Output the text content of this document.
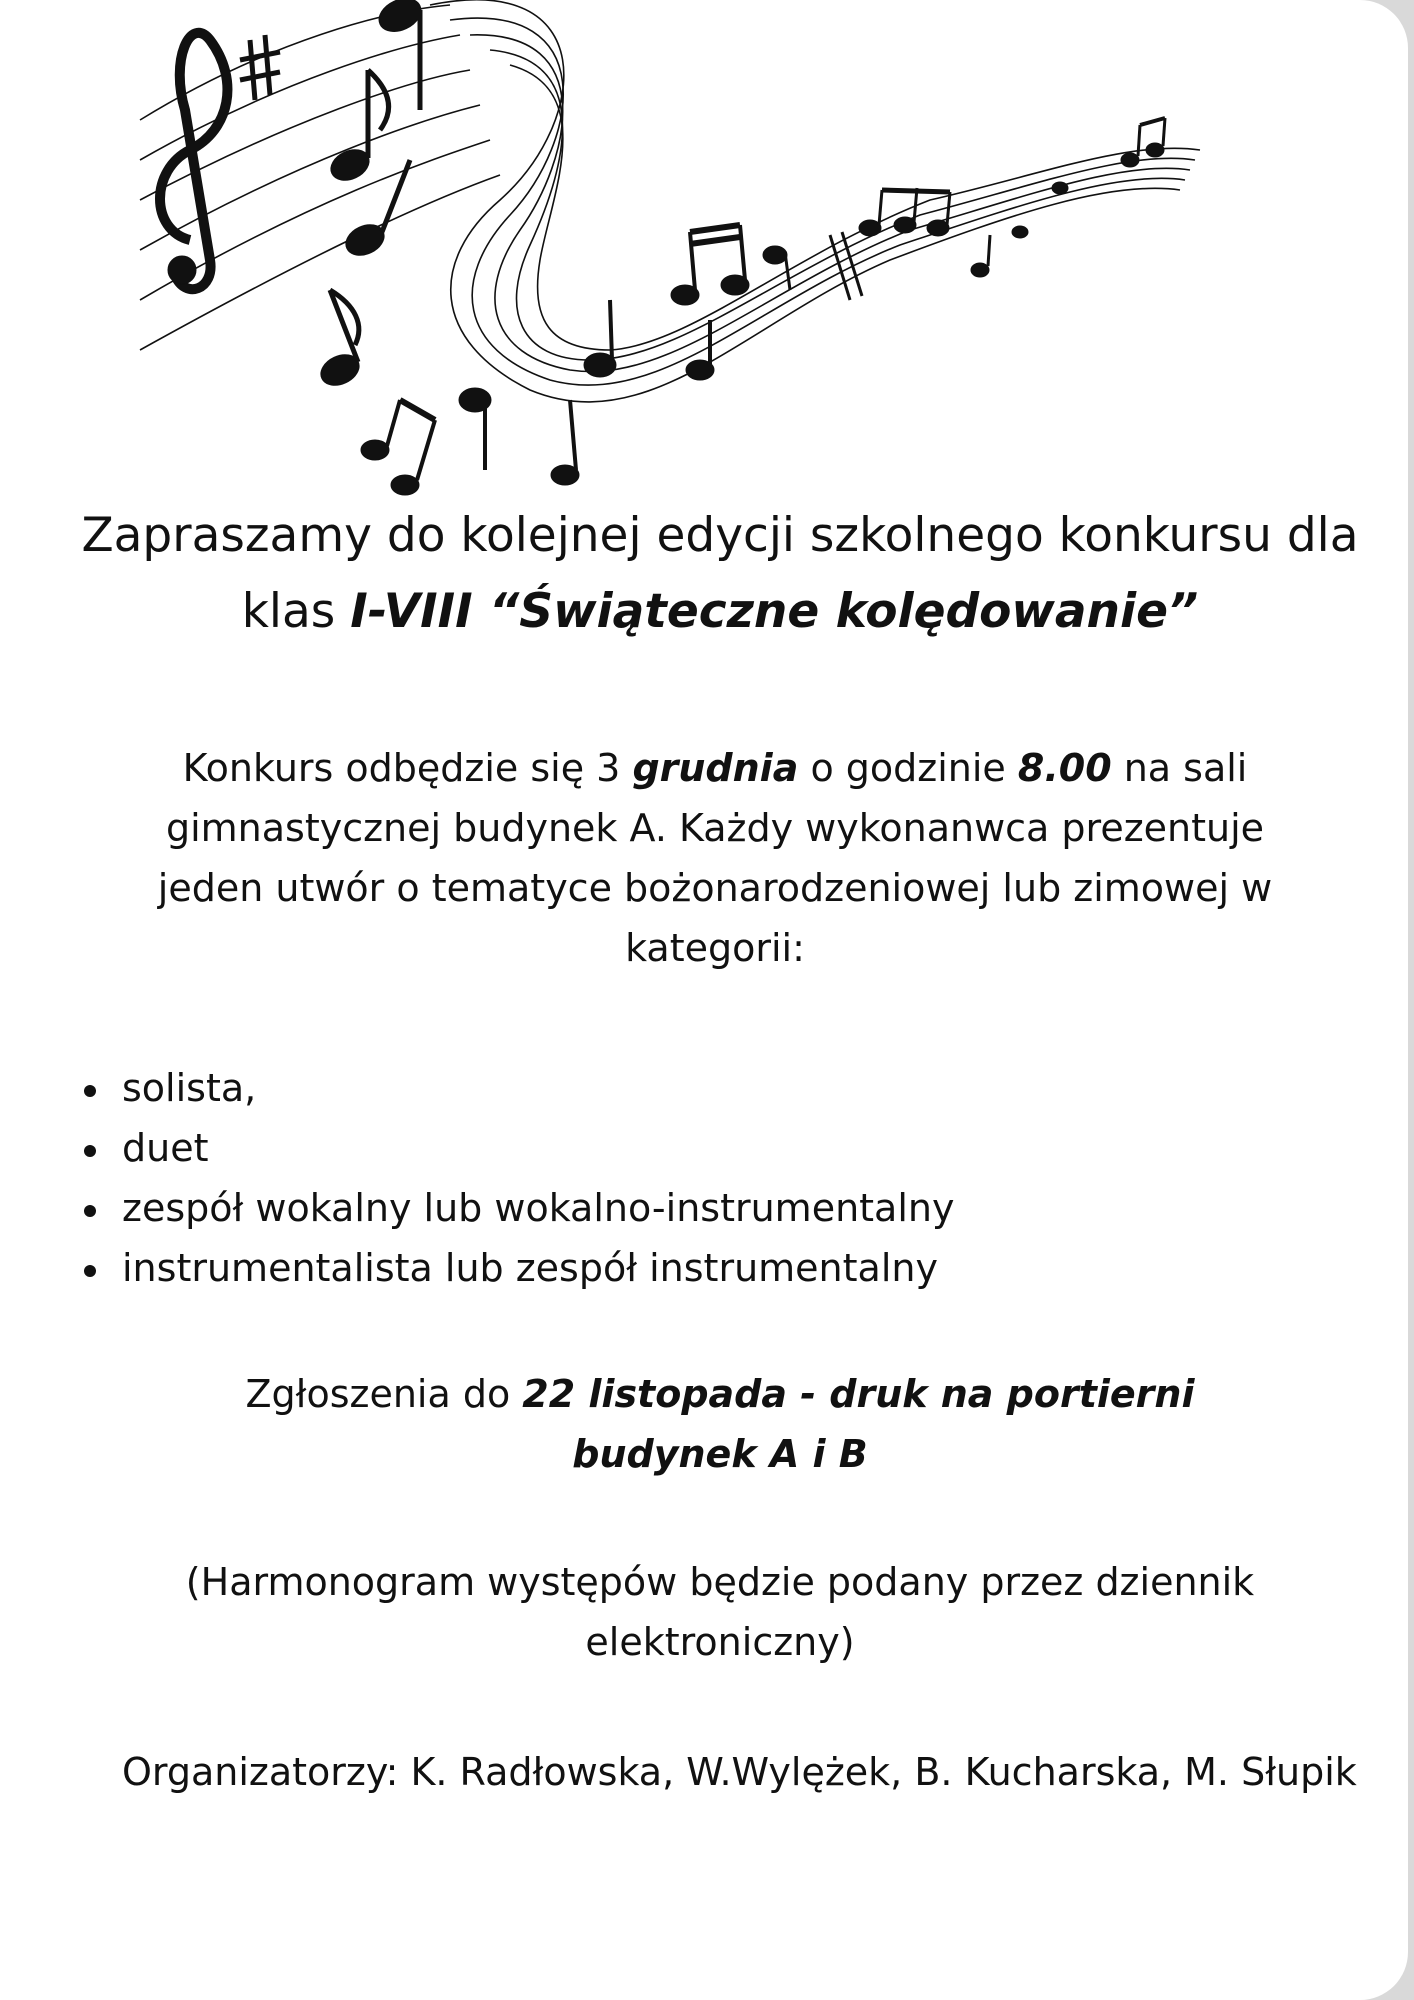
Zapraszamy do kolejnej edycji szkolnego konkursu dla
klas I-VIII “Świąteczne kolędowanie”

Konkurs odbędzie się 3 grudnia o godzinie 8.00 na sali gimnastycznej budynek A. Każdy wykonanwca prezentuje jeden utwór o tematyce bożonarodzeniowej lub zimowej w kategorii:

solista,
duet
zespół wokalny lub wokalno-instrumentalny
instrumentalista lub zespół instrumentalny

Zgłoszenia do 22 listopada - druk na portierni budynek A i B

(Harmonogram występów będzie podany przez dziennik elektroniczny)

Organizatorzy: K. Radłowska, W.Wylężek, B. Kucharska, M. Słupik
